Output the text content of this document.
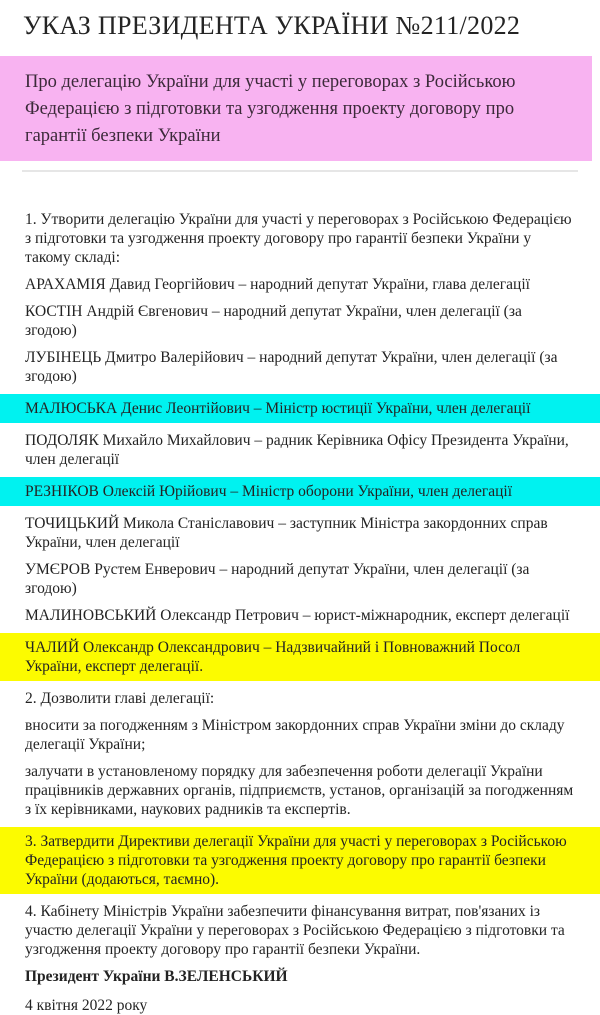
УКАЗ ПРЕЗИДЕНТА УКРАЇНИ №211/2022
Про делегацію України для участі у переговорах з Російською Федерацією з підготовки та узгодження проекту договору про гарантії безпеки України

1. Утворити делегацію України для участі у переговорах з Російською Федерацією з підготовки та узгодження проекту договору про гарантії безпеки України у такому складі:

АРАХАМІЯ Давид Георгійович – народний депутат України, глава делегації

КОСТІН Андрій Євгенович – народний депутат України, член делегації (за згодою)

ЛУБІНЕЦЬ Дмитро Валерійович – народний депутат України, член делегації (за згодою)

МАЛЮСЬКА Денис Леонтійович – Міністр юстиції України, член делегації

ПОДОЛЯК Михайло Михайлович – радник Керівника Офісу Президента України, член делегації

РЕЗНІКОВ Олексій Юрійович – Міністр оборони України, член делегації

ТОЧИЦЬКИЙ Микола Станіславович – заступник Міністра закордонних справ України, член делегації

УМЄРОВ Рустем Енверович – народний депутат України, член делегації (за згодою)

МАЛИНОВСЬКИЙ Олександр Петрович – юрист-міжнародник, експерт делегації

ЧАЛИЙ Олександр Олександрович – Надзвичайний і Повноважний Посол України, експерт делегації.

2. Дозволити главі делегації:

вносити за погодженням з Міністром закордонних справ України зміни до складу делегації України;

залучати в установленому порядку для забезпечення роботи делегації України працівників державних органів, підприємств, установ, організацій за погодженням з їх керівниками, наукових радників та експертів.

3. Затвердити Директиви делегації України для участі у переговорах з Російською Федерацією з підготовки та узгодження проекту договору про гарантії безпеки України (додаються, таємно).

4. Кабінету Міністрів України забезпечити фінансування витрат, пов'язаних із участю делегації України у переговорах з Російською Федерацією з підготовки та узгодження проекту договору про гарантії безпеки України.

Президент України В.ЗЕЛЕНСЬКИЙ

4 квітня 2022 року
